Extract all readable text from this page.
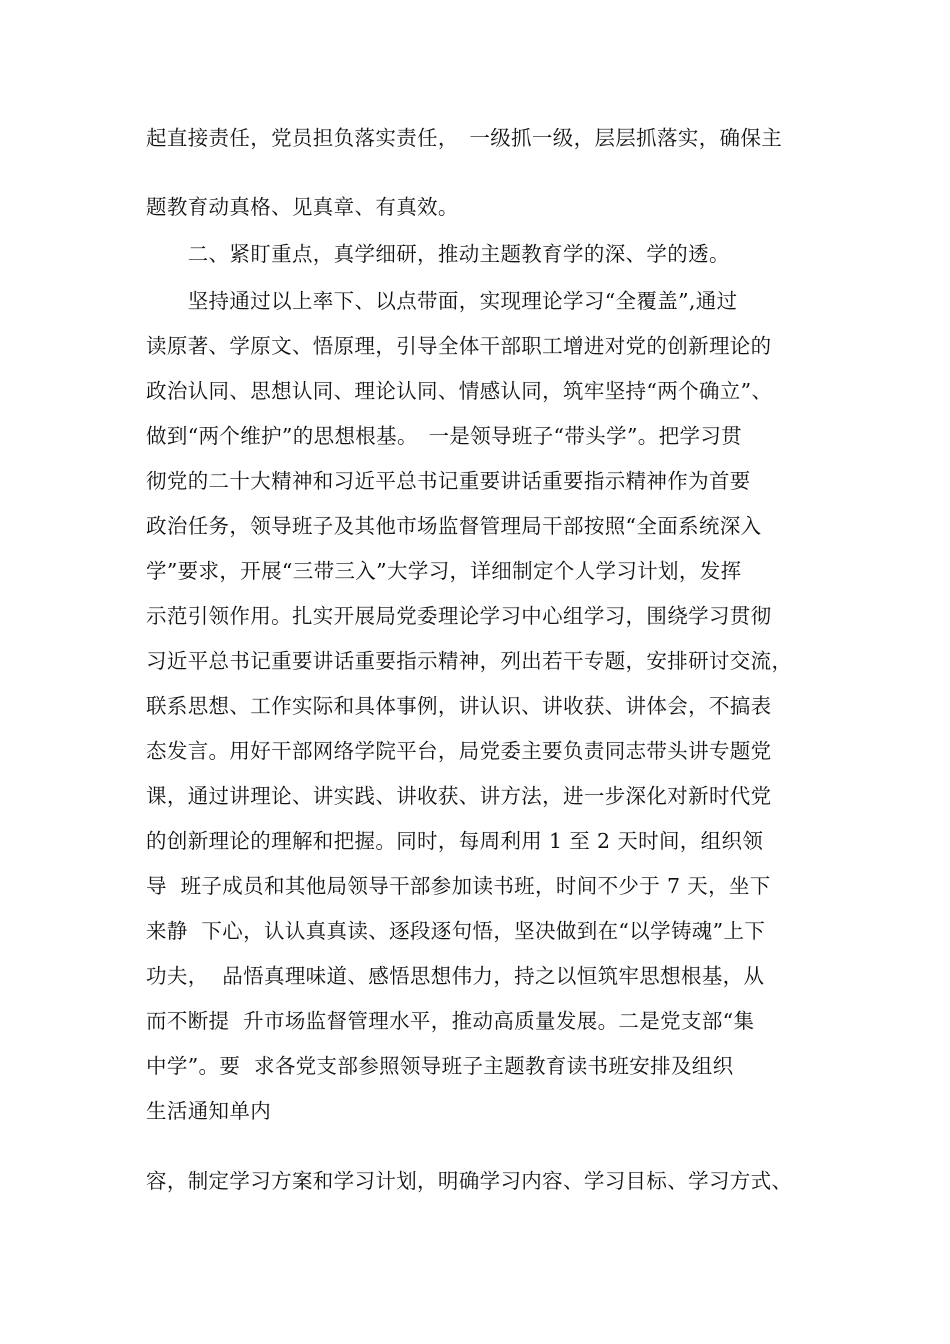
起直接责任，党员担负落实责任，　一级抓一级，层层抓落实，确保主
题教育动真格、见真章、有真效。
　　二、紧盯重点，真学细研，推动主题教育学的深、学的透。
　　坚持通过以上率下、以点带面，实现理论学习“全覆盖”,通过
读原著、学原文、悟原理，引导全体干部职工增进对党的创新理论的
政治认同、思想认同、理论认同、情感认同，筑牢坚持“两个确立”、
做到“两个维护”的思想根基。　一是领导班子“带头学”。把学习贯
彻党的二十大精神和习近平总书记重要讲话重要指示精神作为首要
政治任务，领导班子及其他市场监督管理局干部按照“全面系统深入
学”要求，开展“三带三入”大学习，详细制定个人学习计划，发挥
示范引领作用。扎实开展局党委理论学习中心组学习，围绕学习贯彻
习近平总书记重要讲话重要指示精神，列出若干专题，安排研讨交流，
联系思想、工作实际和具体事例，讲认识、讲收获、讲体会，不搞表
态发言。用好干部网络学院平台，局党委主要负责同志带头讲专题党
课，通过讲理论、讲实践、讲收获、讲方法，进一步深化对新时代党
的创新理论的理解和把握。同时，每周利用 1 至 2 天时间，组织领
导  班子成员和其他局领导干部参加读书班，时间不少于 7 天，坐下
来静  下心，认认真真读、逐段逐句悟，坚决做到在“以学铸魂”上下
功夫，  品悟真理味道、感悟思想伟力，持之以恒筑牢思想根基，从
而不断提  升市场监督管理水平，推动高质量发展。二是党支部“集
中学”。要  求各党支部参照领导班子主题教育读书班安排及组织
生活通知单内
容，制定学习方案和学习计划，明确学习内容、学习目标、学习方式、
